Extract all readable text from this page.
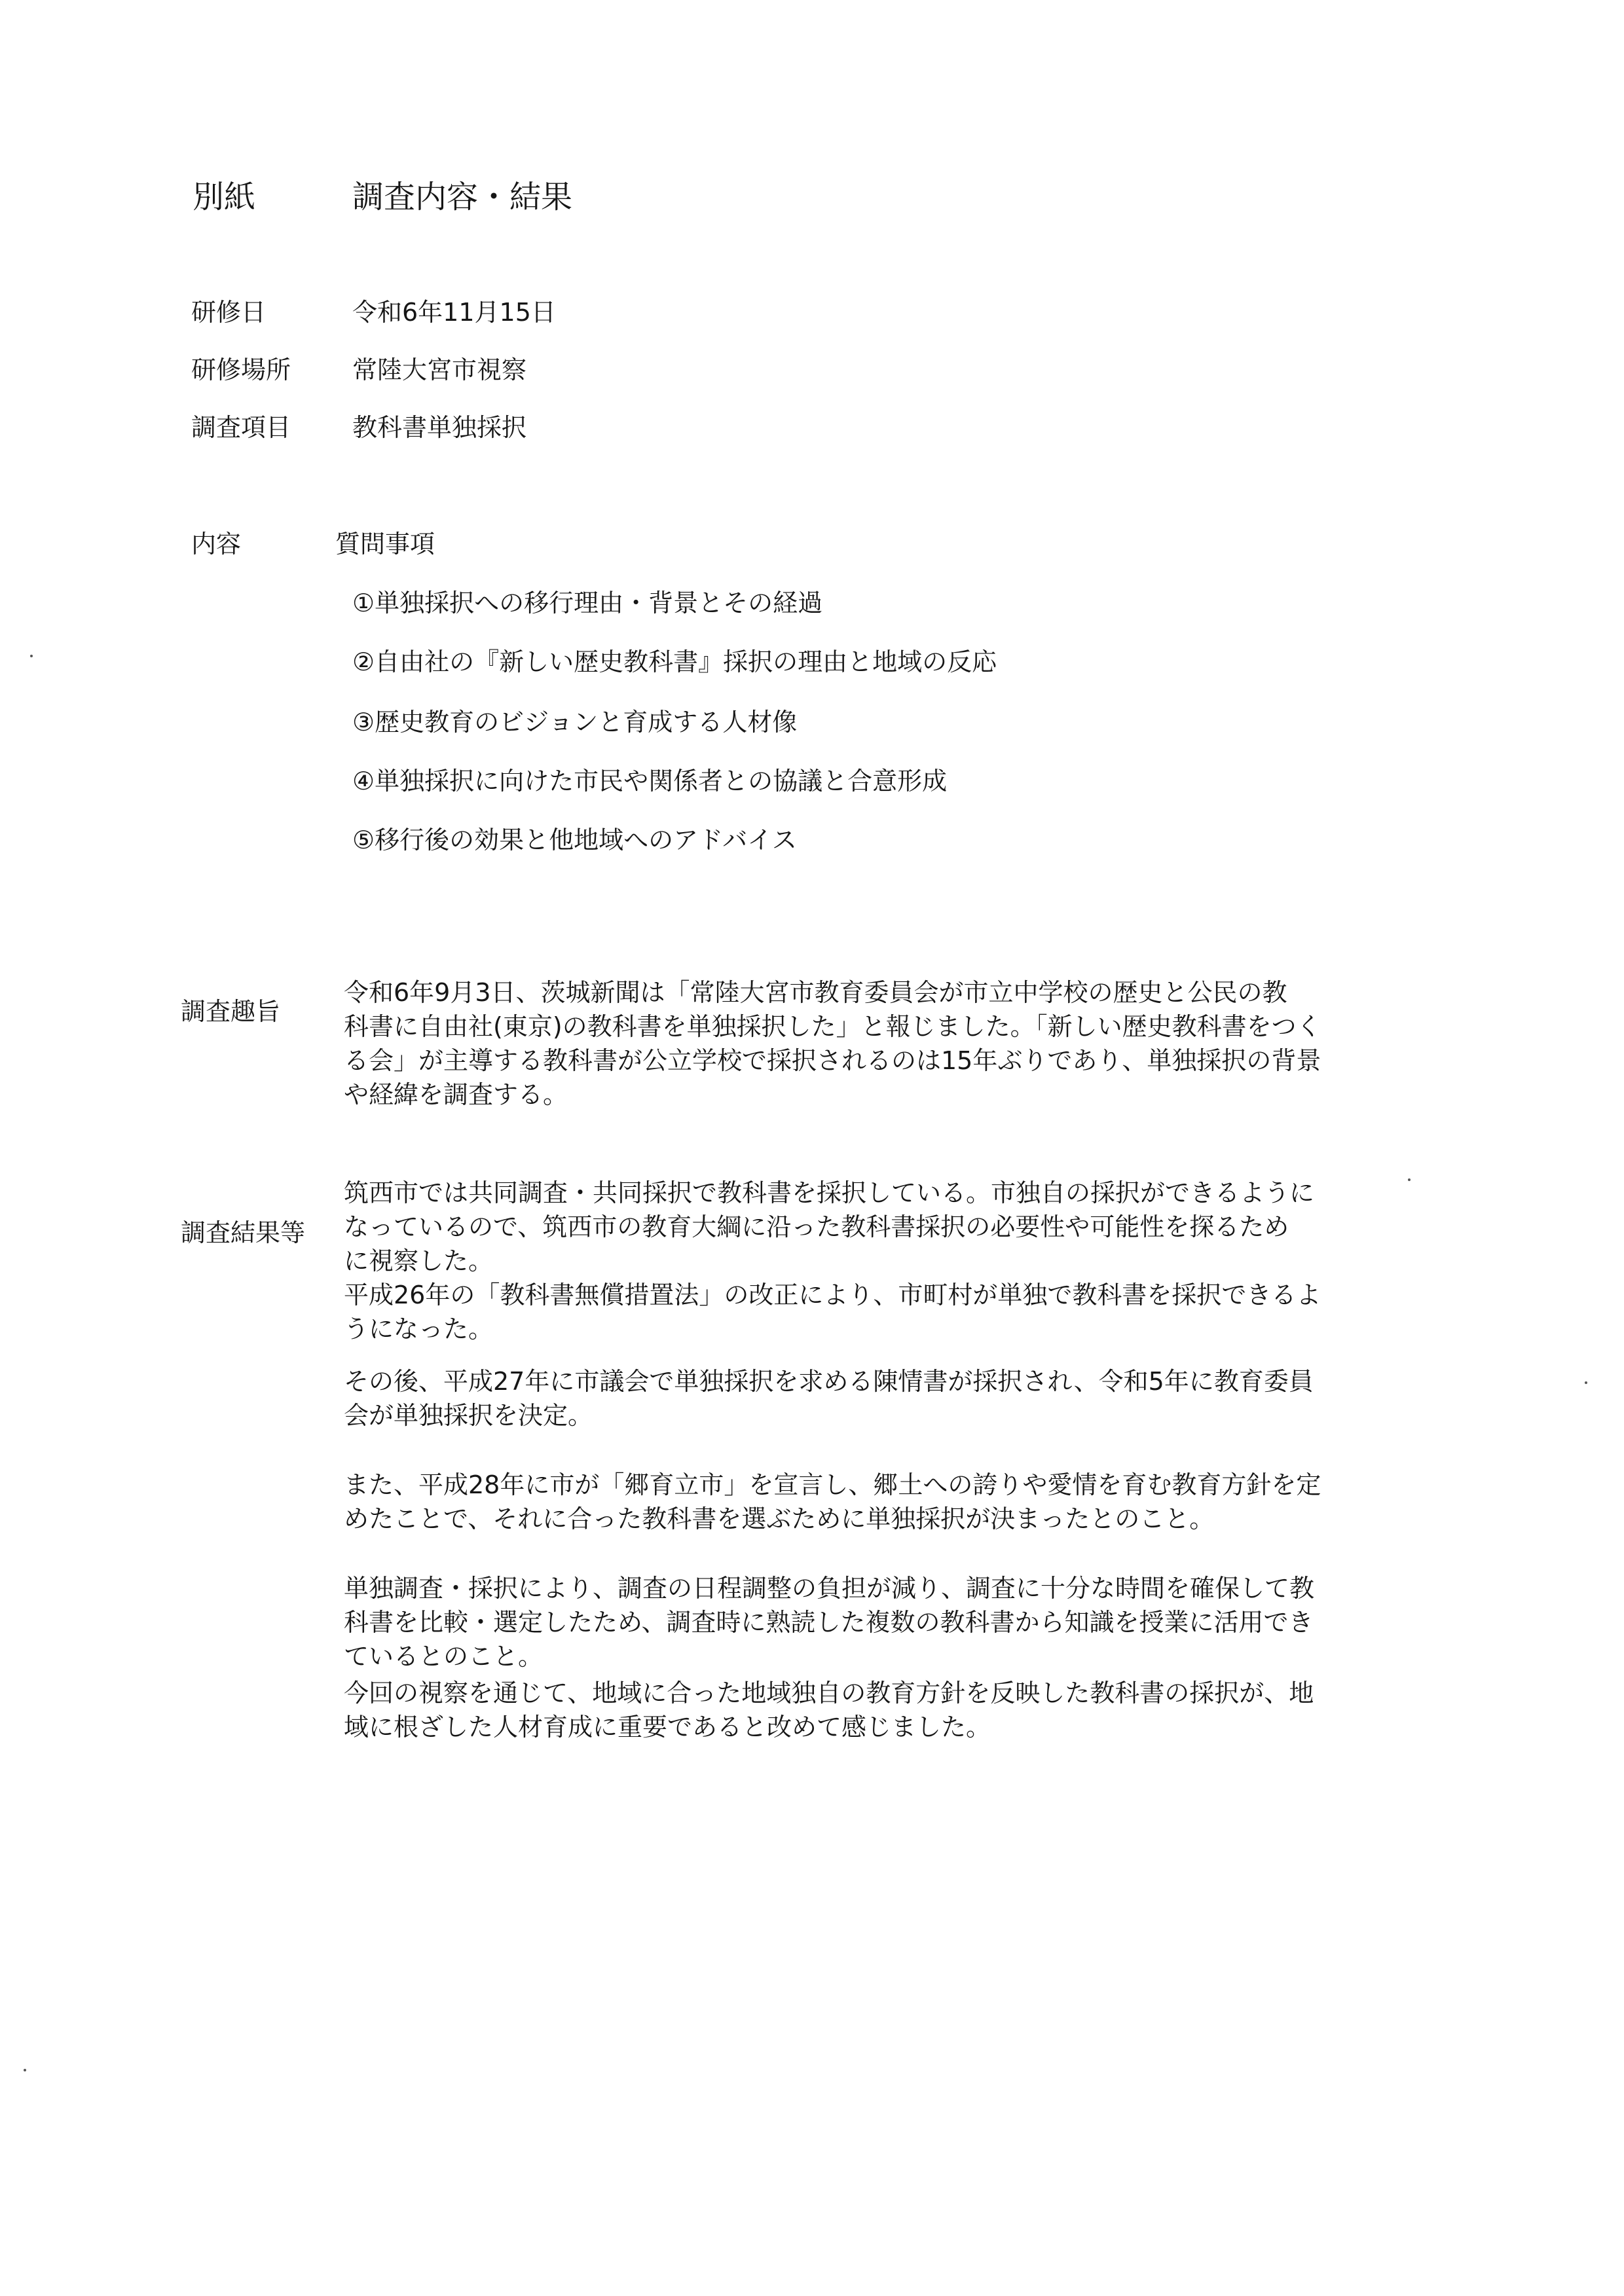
別紙	調査内容・結果
研修日	令和6年11月15日
研修場所 常陸大宮市視察
調査項目 教科書単独採択
内容	質問事項
①単独採択への移行理由・背景とその経過
②自由社の『新しい歴史教科書』採択の理由と地域の反応
③歴史教育のビジョンと育成する人材像
④単独採択に向けた市民や関係者との協議と合意形成
⑤移行後の効果と他地域へのアドバイス
調査趣旨

令和6年9月3日、茨城新聞は「常陸大宮市教育委員会が市立中学校の歴史と公民の教

科書に自由社(東京)の教科書を単独採択した」と報じました。「新しい歴史教科書をつく

る会」が主導する教科書が公立学校で採択されるのは15年ぶりであり、単独採択の背景

や経緯を調査する。

調査結果等

筑西市では共同調査・共同採択で教科書を採択している。市独自の採択ができるように

なっているので、筑西市の教育大綱に沿った教科書採択の必要性や可能性を探るため

に視察した。

平成26年の「教科書無償措置法」の改正により、市町村が単独で教科書を採択できるよ

うになった。

その後、平成27年に市議会で単独採択を求める陳情書が採択され、令和5年に教育委員

会が単独採択を決定。

また、平成28年に市が「郷育立市」を宣言し、郷土への誇りや愛情を育む教育方針を定

めたことで、それに合った教科書を選ぶために単独採択が決まったとのこと。

単独調査・採択により、調査の日程調整の負担が減り、調査に十分な時間を確保して教

科書を比較・選定したため、調査時に熟読した複数の教科書から知識を授業に活用でき

ているとのこと。

今回の視察を通じて、地域に合った地域独自の教育方針を反映した教科書の採択が、地

域に根ざした人材育成に重要であると改めて感じました。
